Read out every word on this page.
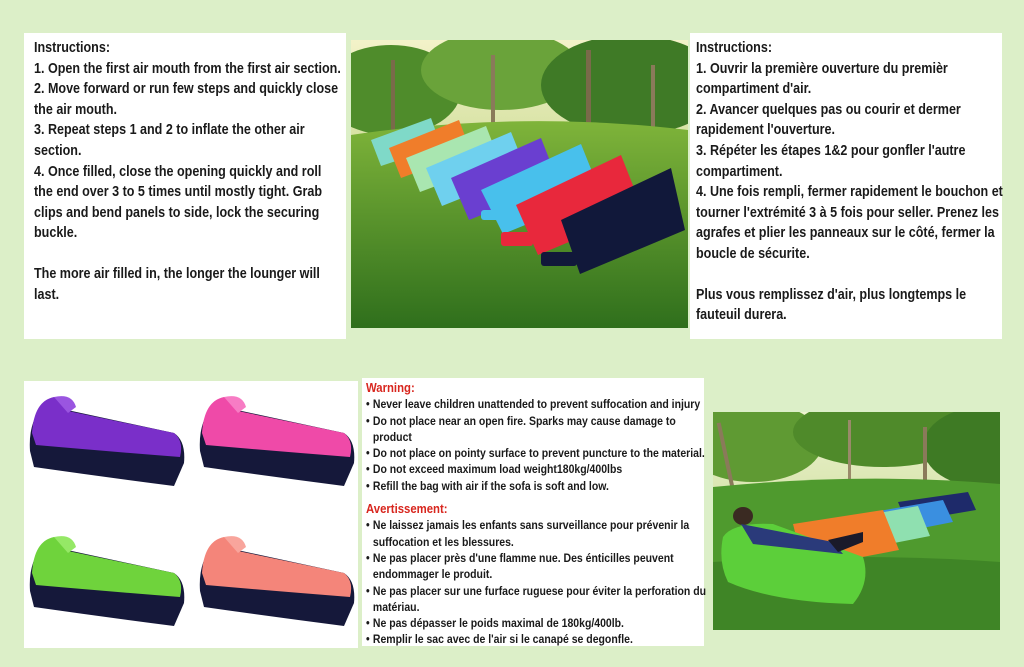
Instructions:

1. Open the first air mouth from the first air section.

2. Move forward or run few steps and quickly close the air mouth.

3. Repeat steps 1 and 2 to inflate the other air section.

4. Once filled, close the opening quickly and roll the end over 3 to 5 times until mostly tight. Grab clips and bend panels to side, lock the securing buckle.

The more air filled in, the longer the lounger will last.

Instructions:

1. Ouvrir la première ouverture du premièr compartiment d'air.

2. Avancer quelques pas ou courir et dermer rapidement l'ouverture.

3. Répéter les étapes 1&2 pour gonfler l'autre compartiment.

4. Une fois rempli, fermer rapidement le bouchon et tourner l'extrémité 3 à 5 fois pour seller. Prenez les agrafes et plier les panneaux sur le côté, fermer la boucle de sécurite.

Plus vous remplissez d'air, plus longtemps le fauteuil durera.

Warning:

• Never leave children unattended to prevent suffocation and injury
• Do not place near an open fire. Sparks may cause damage to product
• Do not place on pointy surface to prevent puncture to the material.
• Do not exceed maximum load weight180kg/400lbs
• Refill the bag with air if the sofa is soft and low.

Avertissement:

• Ne laissez jamais les enfants sans surveillance pour prévenir la suffocation et les blessures.
• Ne pas placer près d'une flamme nue. Des énticilles peuvent endommager le produit.
• Ne pas placer sur une furface ruguese pour éviter la perforation du matériau.
• Ne pas dépasser le poids maximal de 180kg/400lb.
• Remplir le sac avec de l'air si le canapé se degonfle.
